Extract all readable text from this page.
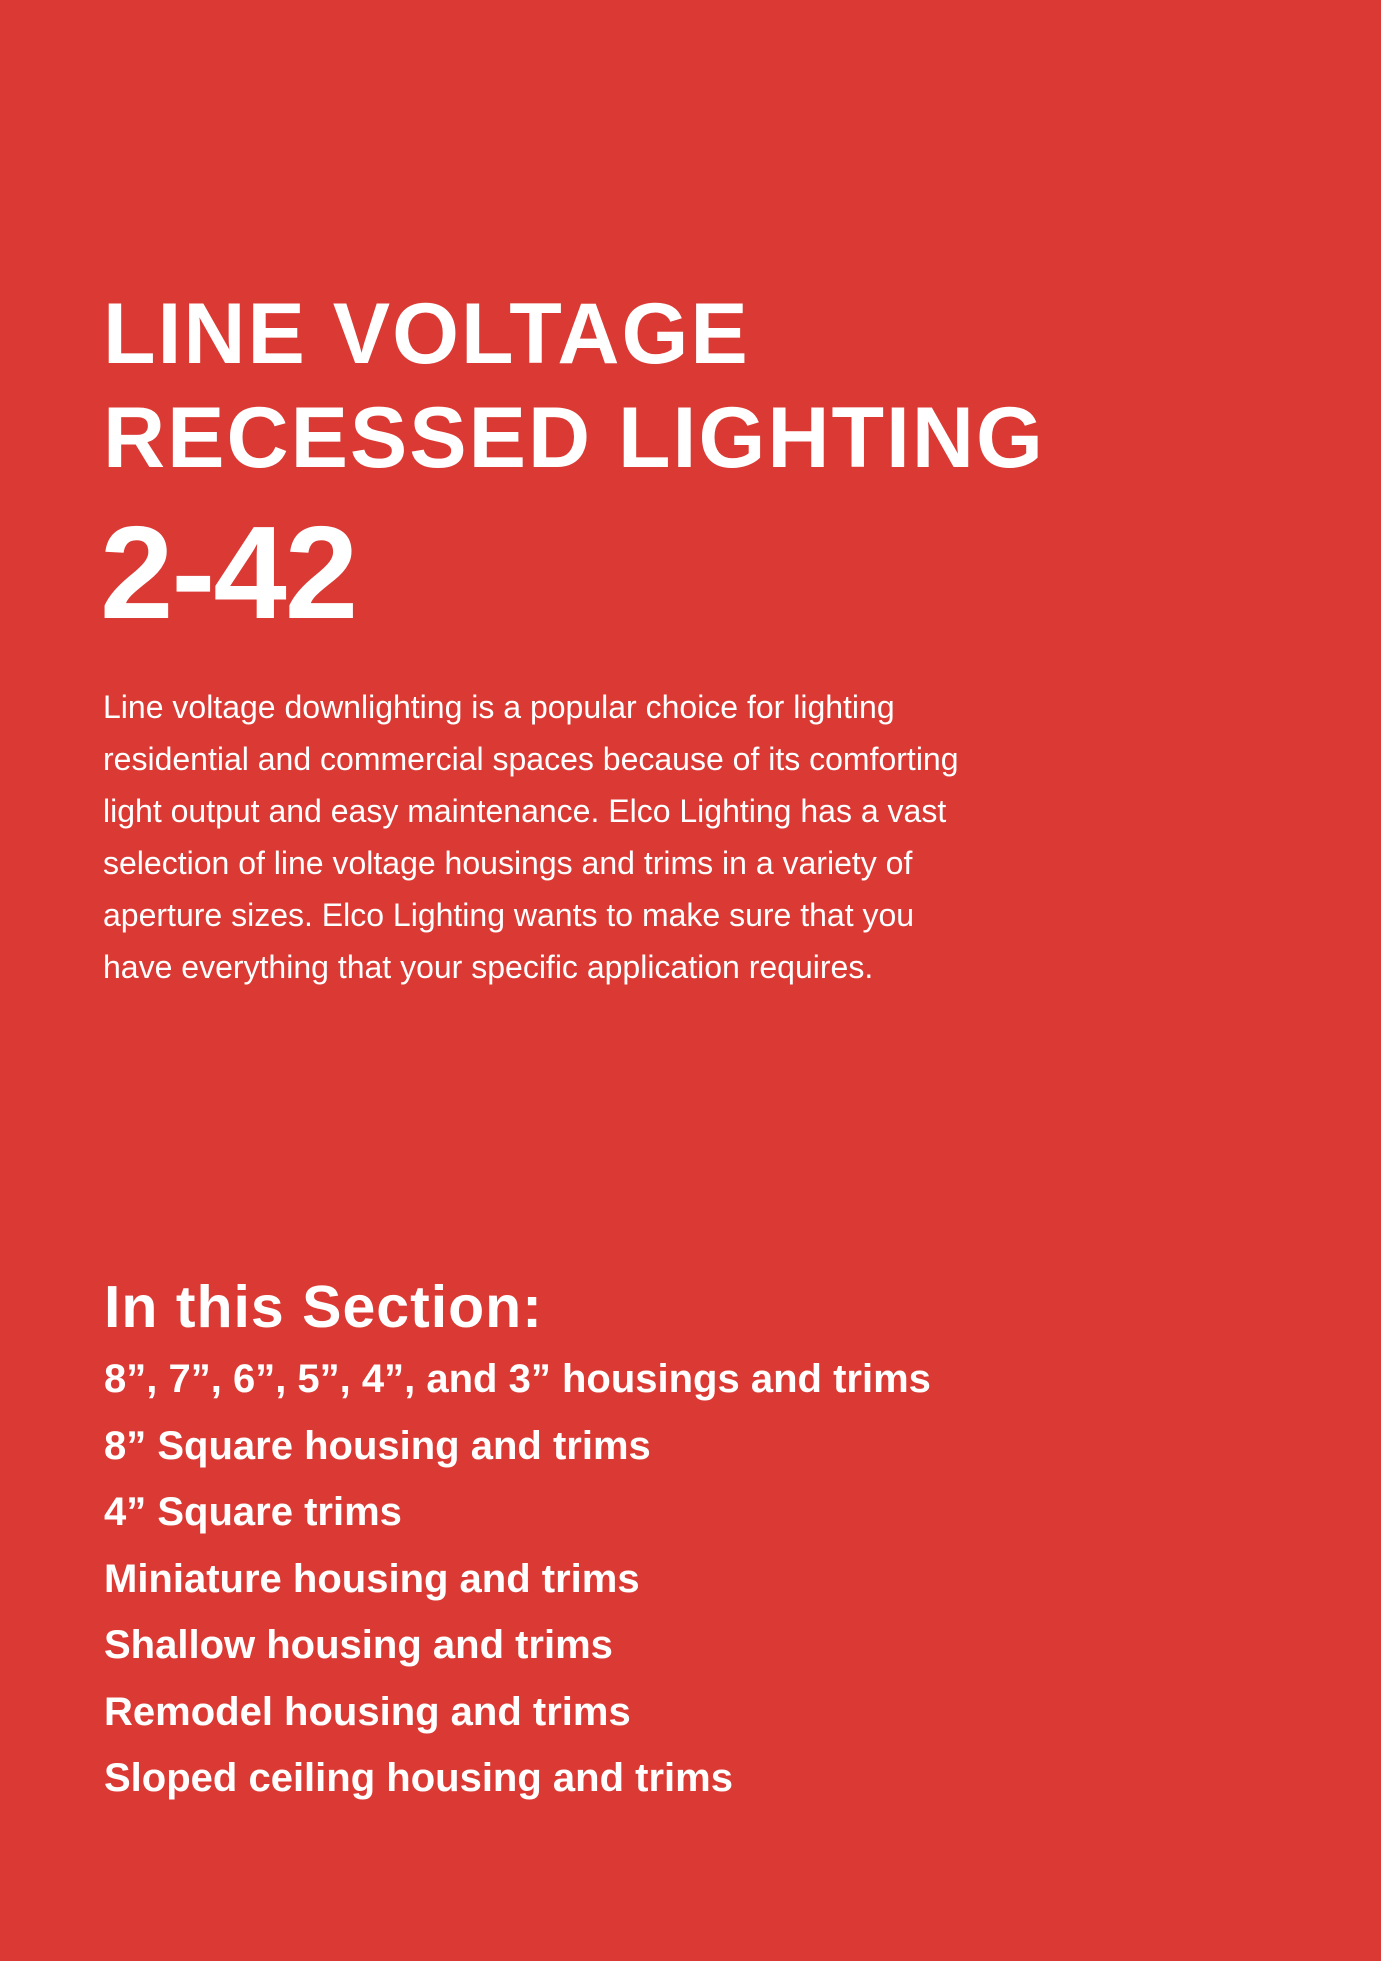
LINE VOLTAGE
RECESSED LIGHTING
2-42
Line voltage downlighting is a popular choice for lighting
residential and commercial spaces because of its comforting
light output and easy maintenance. Elco Lighting has a vast
selection of line voltage housings and trims in a variety of
aperture sizes. Elco Lighting wants to make sure that you
have everything that your specific application requires.
In this Section:
8”, 7”, 6”, 5”, 4”, and 3” housings and trims
8” Square housing and trims
4” Square trims
Miniature housing and trims
Shallow housing and trims
Remodel housing and trims
Sloped ceiling housing and trims
